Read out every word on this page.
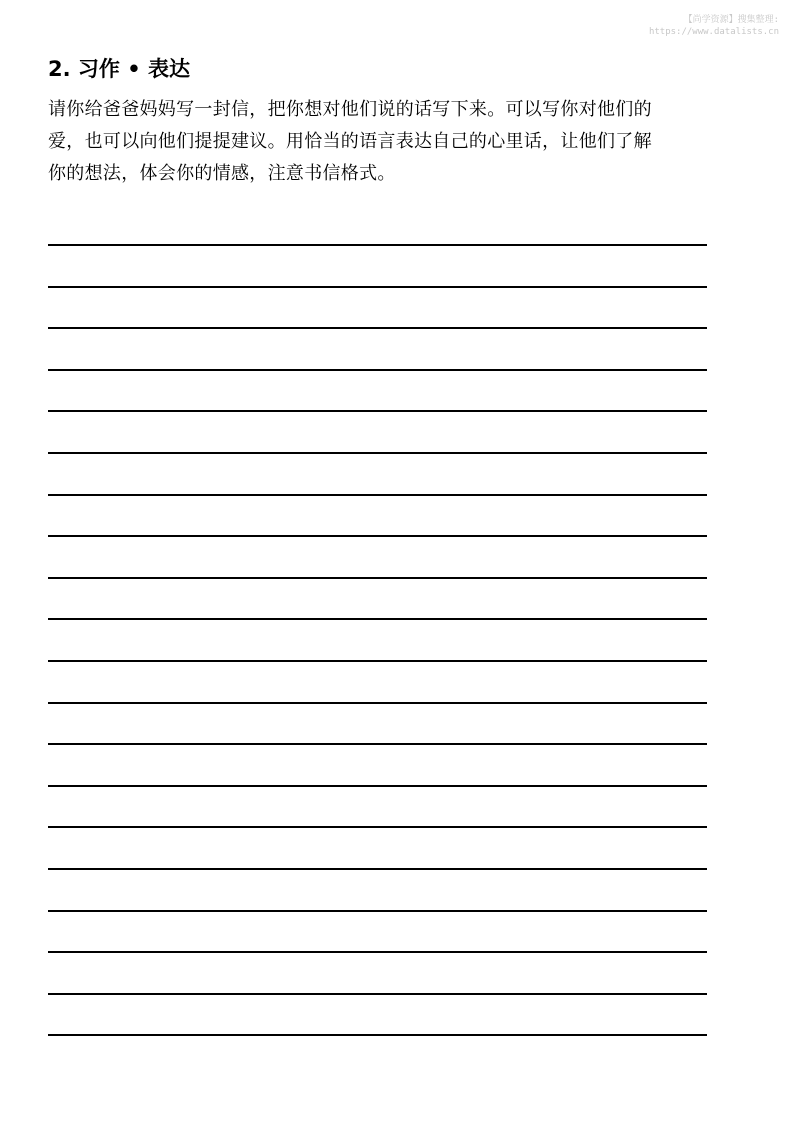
【尚学资源】搜集整理:
https://www.datalists.cn
2. 习作 • 表达
请你给爸爸妈妈写一封信，把你想对他们说的话写下来。可以写你对他们的
爱，也可以向他们提提建议。用恰当的语言表达自己的心里话，让他们了解
你的想法，体会你的情感，注意书信格式。
